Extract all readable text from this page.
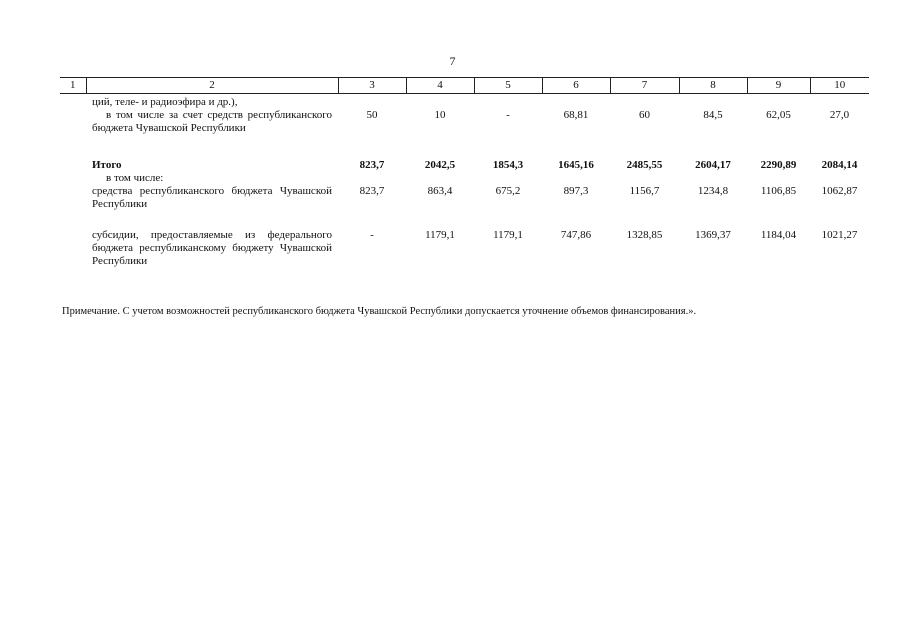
7
1	2	3	4	5	6	7	8	9	10
	ций, теле- и радиоэфира и др.),								

	в том числе за счет средств республиканского бюджета Чувашской Республики	50	10	-	68,81	60	84,5	62,05	27,0
	Итого	823,7	2042,5	1854,3	1645,16	2485,55	2604,17	2290,89	2084,14

	в том числе:								

	средства республиканского бюджета Чувашской Республики	823,7	863,4	675,2	897,3	1156,7	1234,8	1106,85	1062,87
	субсидии, предоставляемые из федерального бюджета республиканскому бюджету Чувашской Республики	-	1179,1	1179,1	747,86	1328,85	1369,37	1184,04	1021,27
Примечание. С учетом возможностей республиканского бюджета Чувашской Республики допускается уточнение объемов финансирования.».
